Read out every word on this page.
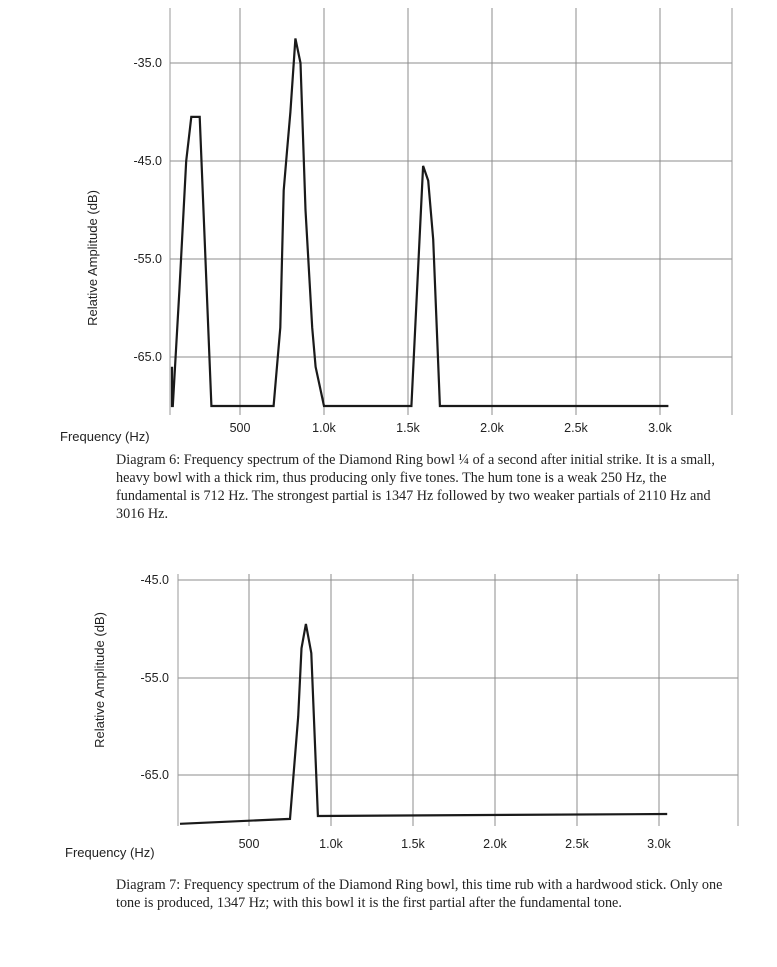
-35.0
-45.0
-55.0
-65.0
500	1.0k	1.5k	2.0k	2.5k	3.0k
Relative Amplitude (dB)
Frequency (Hz)

Diagram 6: Frequency spectrum of the Diamond Ring bowl ¼ of a second after initial strike. It is a small, heavy bowl with a thick rim, thus producing only five tones. The hum tone is a weak 250 Hz, the fundamental is 712 Hz. The strongest partial is 1347 Hz followed by two weaker partials of 2110 Hz and 3016 Hz.

-45.0
-55.0
-65.0
500	1.0k	1.5k	2.0k	2.5k	3.0k
Relative Amplitude (dB)
Frequency (Hz)

Diagram 7: Frequency spectrum of the Diamond Ring bowl, this time rub with a hardwood stick. Only one tone is produced, 1347 Hz; with this bowl it is the first partial after the fundamental tone.
